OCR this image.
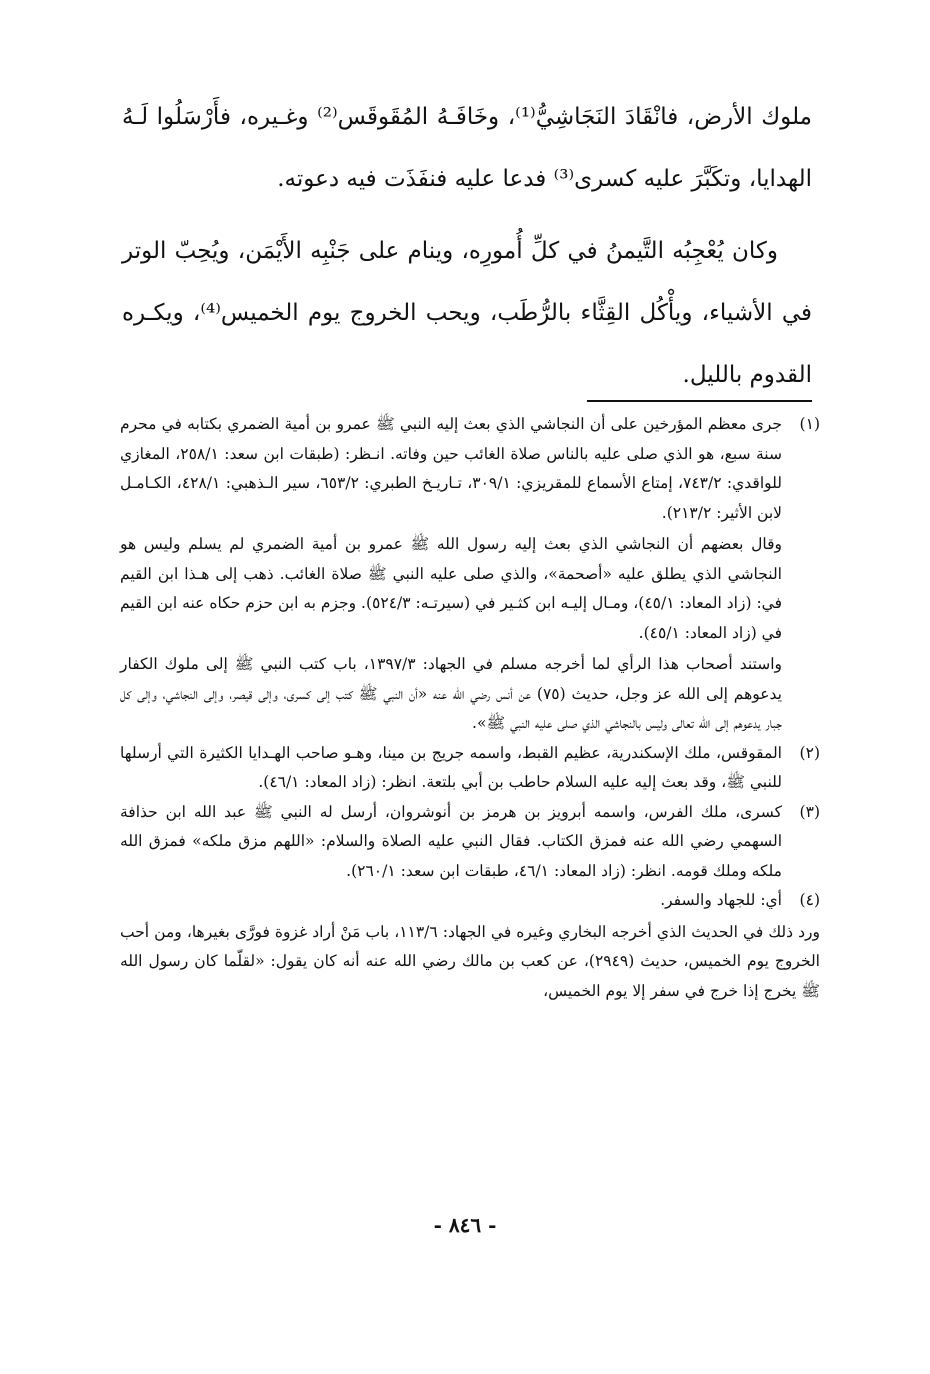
ملوك الأرض، فانْقَادَ النَجَاشِيُّ⁽¹⁾، وخَافَـهُ المُقَوقَس⁽²⁾ وغـيره، فأَرْسَلُوا لَـهُ الهدايا، وتكَبَّرَ عليه كسرى⁽³⁾ فدعا عليه فنفَذَت فيه دعوته.

وكان يُعْجِبُه التَّيمنُ في كلِّ أُمورِه، وينام على جَنْبِه الأَيْمَن، ويُحِبّ الوتر في الأشياء، ويأْكُل القِثَّاء بالرُّطَب، ويحب الخروج يوم الخميس⁽⁴⁾، ويكـره القدوم بالليل.

(١)

جرى معظم المؤرخين على أن النجاشي الذي بعث إليه النبي ﷺ عمرو بن أمية الضمري بكتابه في محرم سنة سبع، هو الذي صلى عليه بالناس صلاة الغائب حين وفاته. انـظر: (طبقات ابن سعد: ٢٥٨/١، المغازي للواقدي: ٧٤٣/٢، إمتاع الأسماع للمقريزي: ٣٠٩/١، تـاريـخ الطبري: ٦٥٣/٢، سير الـذهبي: ٤٢٨/١، الكـامـل لابن الأثير: ٢١٣/٢).

وقال بعضهم أن النجاشي الذي بعث إليه رسول الله ﷺ عمرو بن أمية الضمري لم يسلم وليس هو النجاشي الذي يطلق عليه «أصحمة»، والذي صلى عليه النبي ﷺ صلاة الغائب. ذهب إلى هـذا ابن القيم في: (زاد المعاد: ٤٥/١)، ومـال إليـه ابن كثـير في (سيرتـه: ٥٢٤/٣). وجزم به ابن حزم حكاه عنه ابن القيم في (زاد المعاد: ٤٥/١).

واستند أصحاب هذا الرأي لما أخرجه مسلم في الجهاد: ١٣٩٧/٣، باب كتب النبي ﷺ إلى ملوك الكفار يدعوهم إلى الله عز وجل، حديث (٧٥) عن أنس رضي الله عنه «أن النبي ﷺ كتب إلى كسرى، وإلى قيصر، وإلى النجاشي، وإلى كل جبار يدعوهم إلى الله تعالى وليس بالنجاشي الذي صلى عليه النبي ﷺ».

(٢)

المقوقس، ملك الإسكندرية، عظيم القبط، واسمه جريج بن مينا، وهـو صاحب الهـدايا الكثيرة التي أرسلها للنبي ﷺ، وقد بعث إليه عليه السلام حاطب بن أبي بلتعة. انظر: (زاد المعاد: ٤٦/١).

(٣)

كسرى، ملك الفرس، واسمه أبرويز بن هرمز بن أنوشروان، أرسل له النبي ﷺ عبد الله ابن حذافة السهمي رضي الله عنه فمزق الكتاب. فقال النبي عليه الصلاة والسلام: «اللهم مزق ملكه» فمزق الله ملكه وملك قومه. انظر: (زاد المعاد: ٤٦/١، طبقات ابن سعد: ٢٦٠/١).

(٤)

أي: للجهاد والسفر.

ورد ذلك في الحديث الذي أخرجه البخاري وغيره في الجهاد: ١١٣/٦، باب مَنْ أراد غزوة فورَّى بغيرها، ومن أحب الخروج يوم الخميس، حديث (٢٩٤٩)، عن كعب بن مالك رضي الله عنه أنه كان يقول: «لقلّما كان رسول الله ﷺ يخرج إذا خرج في سفر إلا يوم الخميس،

- ٨٤٦ -
